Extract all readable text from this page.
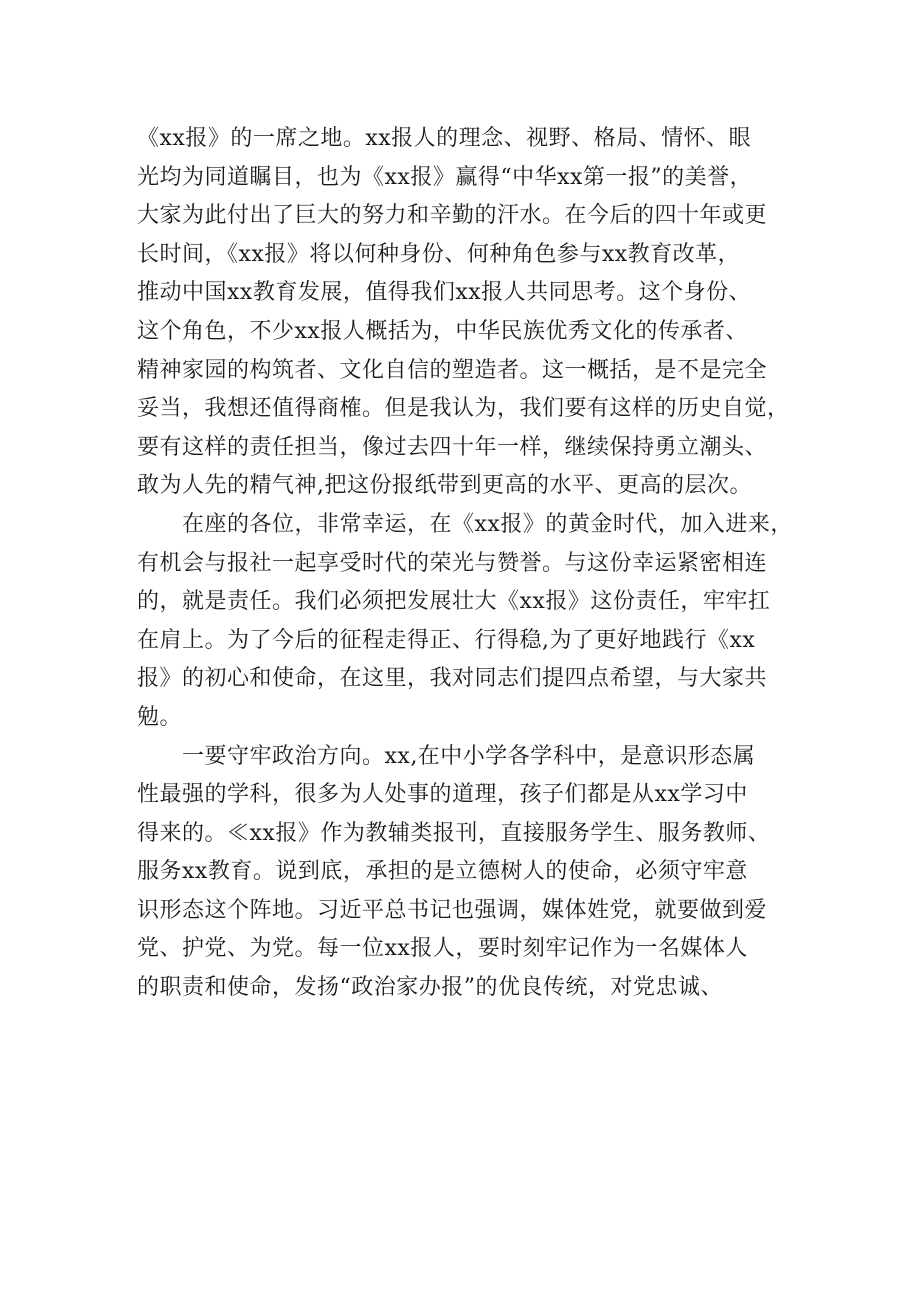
《xx报》的一席之地。xx报人的理念、视野、格局、情怀、眼
光均为同道瞩目，也为《xx报》赢得“中华xx第一报”的美誉，
大家为此付出了巨大的努力和辛勤的汗水。在今后的四十年或更
长时间，《xx报》将以何种身份、何种角色参与xx教育改革，
推动中国xx教育发展，值得我们xx报人共同思考。这个身份、
这个角色，不少xx报人概括为，中华民族优秀文化的传承者、
精神家园的构筑者、文化自信的塑造者。这一概括，是不是完全
妥当，我想还值得商榷。但是我认为，我们要有这样的历史自觉，
要有这样的责任担当，像过去四十年一样，继续保持勇立潮头、
敢为人先的精气神,把这份报纸带到更高的水平、更高的层次。
　　在座的各位，非常幸运，在《xx报》的黄金时代，加入进来，
有机会与报社一起享受时代的荣光与赞誉。与这份幸运紧密相连
的，就是责任。我们必须把发展壮大《xx报》这份责任，牢牢扛
在肩上。为了今后的征程走得正、行得稳,为了更好地践行《xx
报》的初心和使命，在这里，我对同志们提四点希望，与大家共
勉。
　　一要守牢政治方向。xx,在中小学各学科中，是意识形态属
性最强的学科，很多为人处事的道理，孩子们都是从xx学习中
得来的。≪xx报》作为教辅类报刊，直接服务学生、服务教师、
服务xx教育。说到底，承担的是立德树人的使命，必须守牢意
识形态这个阵地。习近平总书记也强调，媒体姓党，就要做到爱
党、护党、为党。每一位xx报人，要时刻牢记作为一名媒体人
的职责和使命，发扬“政治家办报”的优良传统，对党忠诚、
